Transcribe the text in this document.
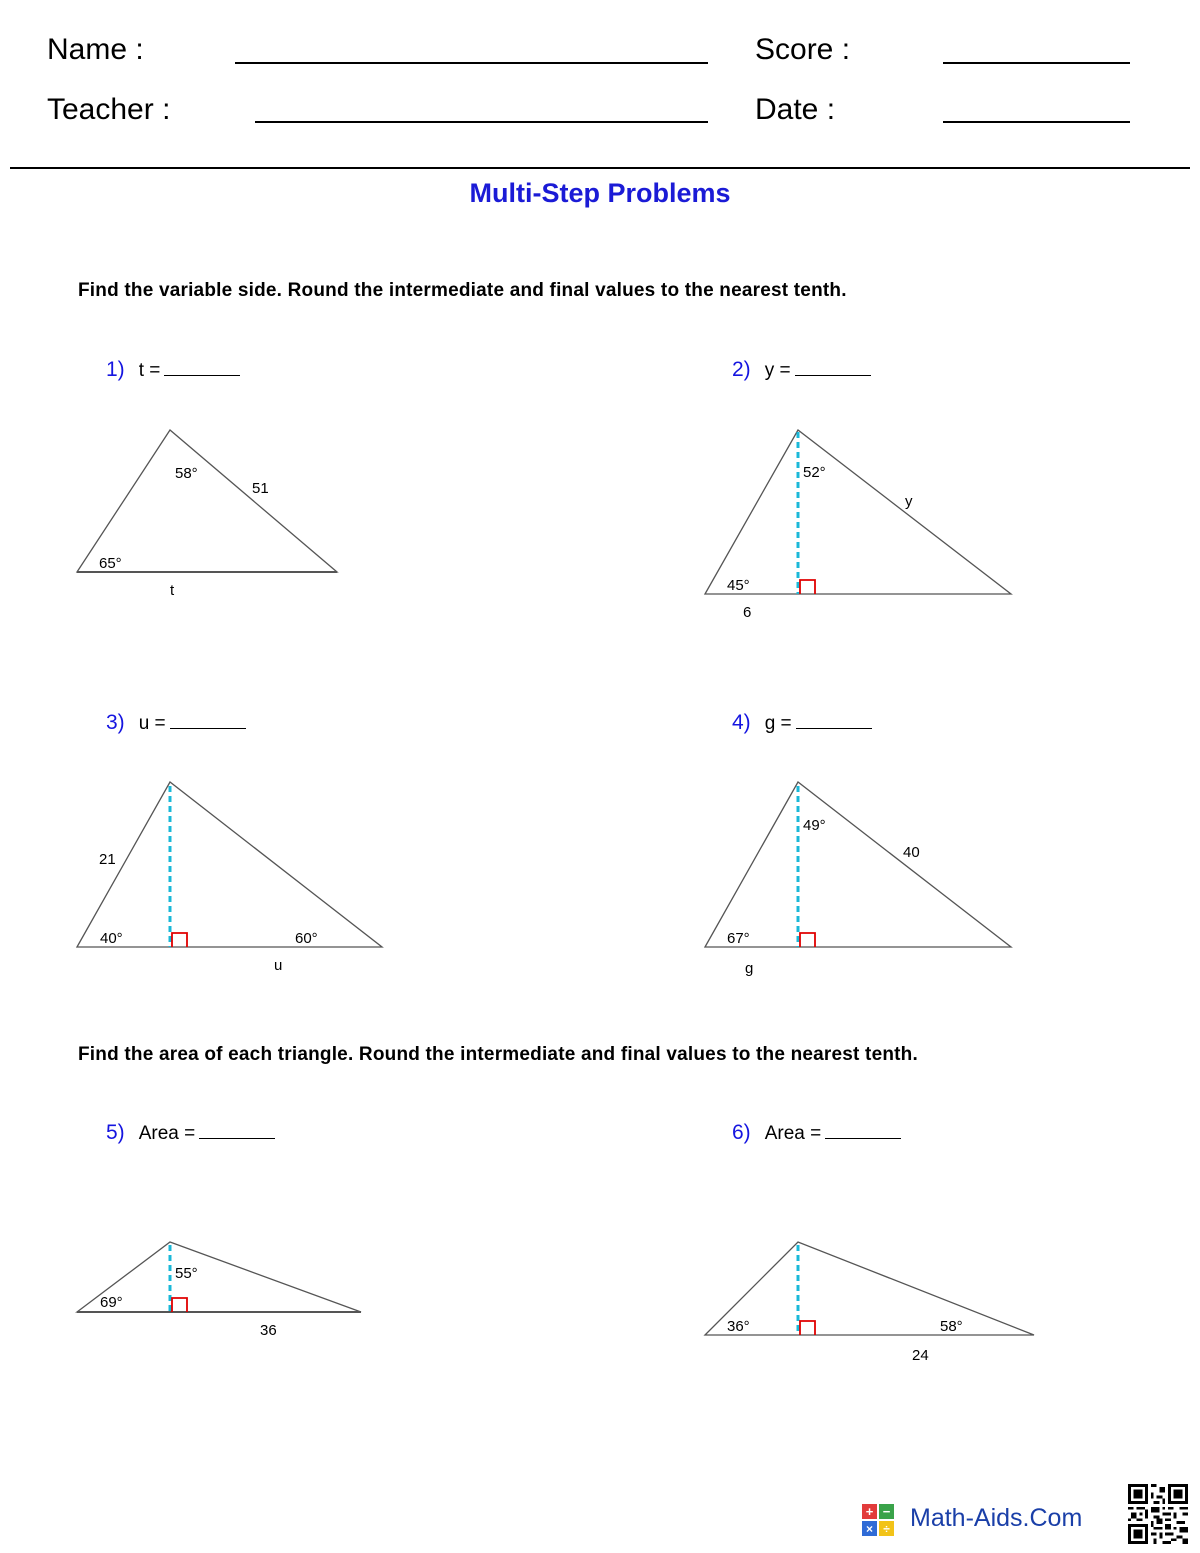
Name :
Teacher :
Score :
Date :
Multi-Step Problems
Find the variable side. Round the intermediate and final values to the nearest tenth.
1) t =
58°
51
65°
t
2) y =
52°
y
45°
6
3) u =
21
40°	60°
u
4) g =
49°
40
67°
g
Find the area of each triangle. Round the intermediate and final values to the nearest tenth.
5) Area =
55°
69°
36
6) Area =
36°	58°
24
+ −
× ÷ Math-Aids.Com
